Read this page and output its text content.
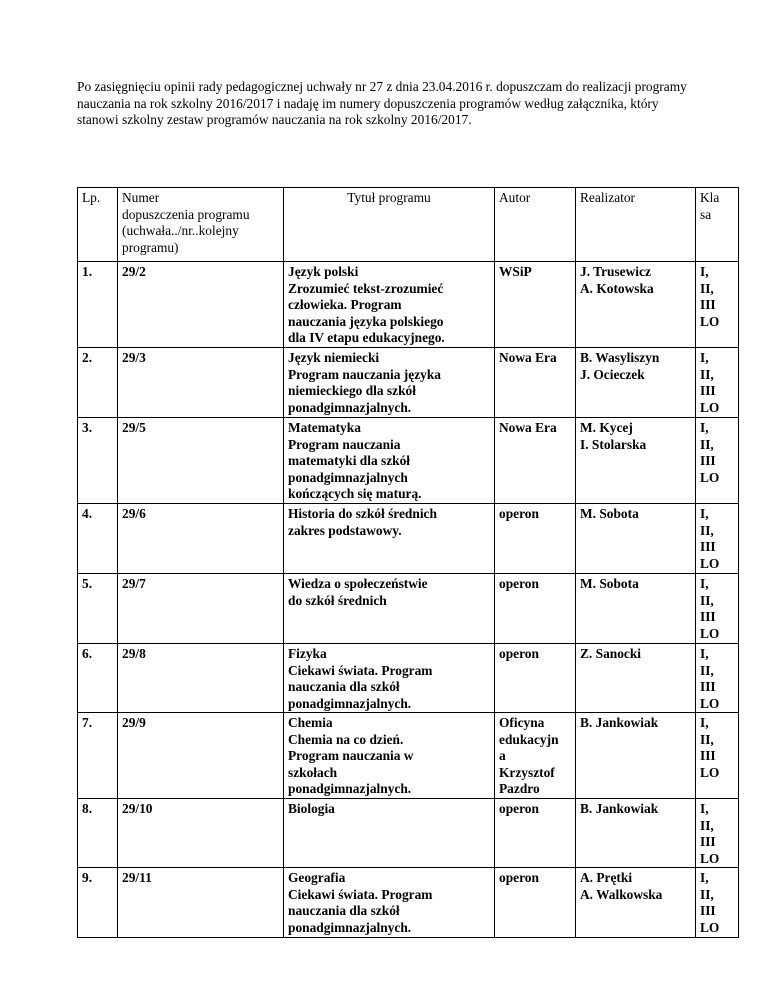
Po zasięgnięciu opinii rady pedagogicznej uchwały nr 27 z dnia 23.04.2016 r. dopuszczam do realizacji programy nauczania na rok szkolny 2016/2017 i nadaję im numery dopuszczenia programów według załącznika, który stanowi szkolny zestaw programów nauczania na rok szkolny 2016/2017.

Lp.	Numer
dopuszczenia programu
(uchwała../nr..kolejny
programu)	Tytuł programu	Autor	Realizator	Kla
sa
1.	29/2	Język polski
Zrozumieć tekst-zrozumieć
człowieka. Program
nauczania języka polskiego
dla IV etapu edukacyjnego.	WSiP	J. Trusewicz
A. Kotowska	I,
II,
III
LO
2.	29/3	Język niemiecki
Program nauczania języka
niemieckiego dla szkół
ponadgimnazjalnych.	Nowa Era	B. Wasyliszyn
J. Ocieczek	I,
II,
III
LO
3.	29/5	Matematyka
Program nauczania
matematyki dla szkół
ponadgimnazjalnych
kończących się maturą.	Nowa Era	M. Kycej
I. Stolarska	I,
II,
III
LO
4.	29/6	Historia do szkół średnich
zakres podstawowy.	operon	M. Sobota	I,
II,
III
LO
5.	29/7	Wiedza o społeczeństwie
do szkół średnich	operon	M. Sobota	I,
II,
III
LO
6.	29/8	Fizyka
Ciekawi świata. Program
nauczania dla szkół
ponadgimnazjalnych.	operon	Z. Sanocki	I,
II,
III
LO
7.	29/9	Chemia
Chemia na co dzień.
Program nauczania w
szkołach
ponadgimnazjalnych.	Oficyna
edukacyjn
a
Krzysztof
Pazdro	B. Jankowiak	I,
II,
III
LO
8.	29/10	Biologia	operon	B. Jankowiak	I,
II,
III
LO
9.	29/11	Geografia
Ciekawi świata. Program
nauczania dla szkół
ponadgimnazjalnych.	operon	A. Prętki
A. Walkowska	I,
II,
III
LO
